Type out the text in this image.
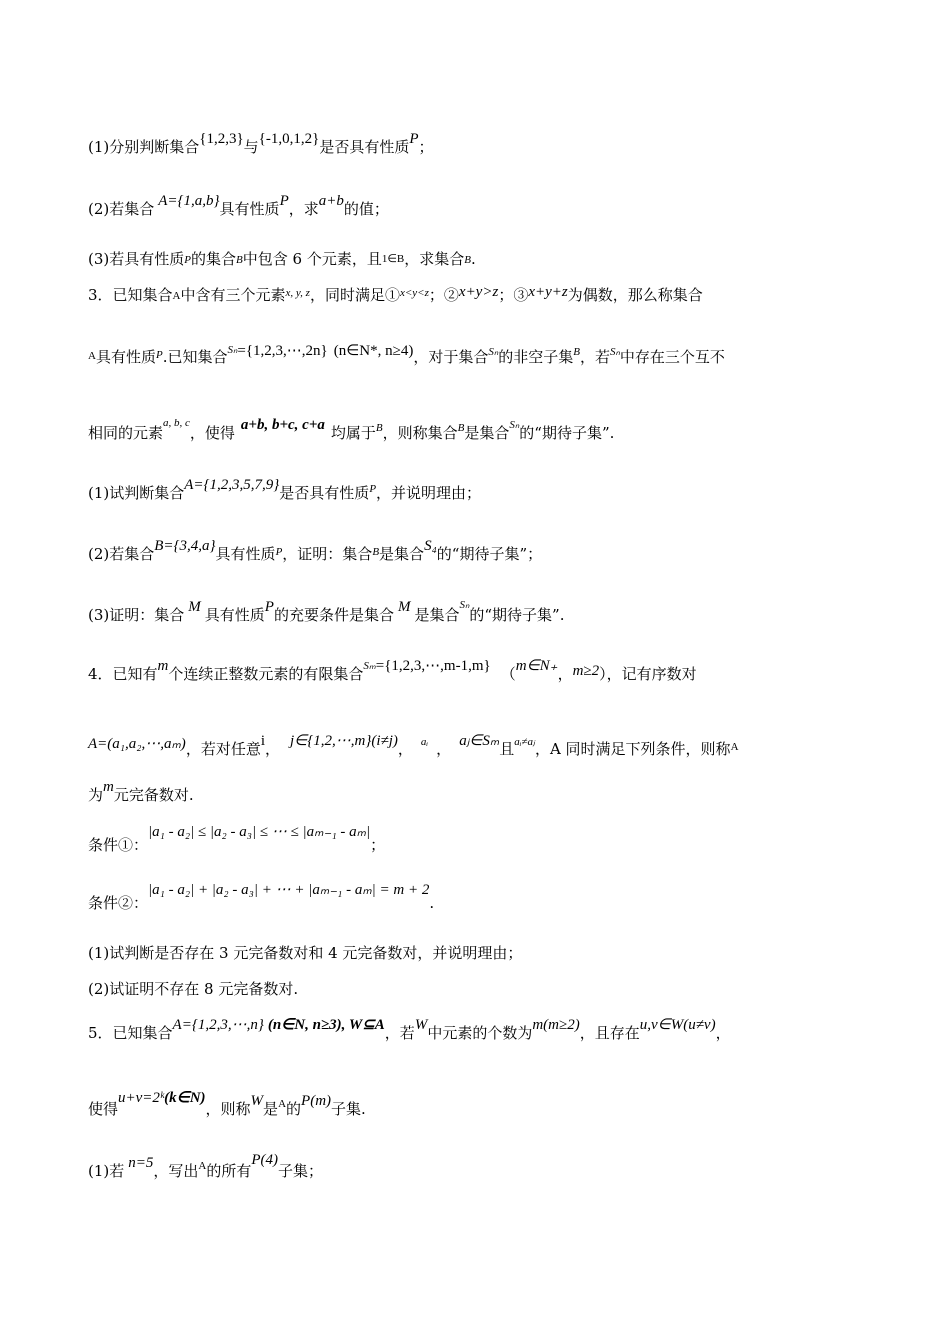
(1)分别判断集合{1,2,3}与{-1,0,1,2}是否具有性质P；
(2)若集合 A={1,a,b}具有性质P，求a+b的值；
(3)若具有性质P的集合B中包含 6 个元素，且1∈B，求集合B.
3．已知集合A中含有三个元素$^{x, y, z}$，同时满足①$^{x<y<z}$；②x+y>z；③x+y+z为偶数，那么称集合
$^A$具有性质$^P$.已知集合$^{S_n}$={1,2,3,⋯,2n} (n∈N*, n≥4)，对于集合$^{S_n}$的非空子集$^B$，若$^{S_n}$中存在三个互不
相同的元素$^{a, b, c}$，使得 a+b, b+c, c+a 均属于$^B$，则称集合$^B$是集合$^{S_n}$的“期待子集”.
(1)试判断集合A={1,2,3,5,7,9}是否具有性质$^P$，并说明理由；
(2)若集合B={3,4,a}具有性质$^P$，证明：集合$^B$是集合S₄的“期待子集”；
(3)证明：集合 M 具有性质P的充要条件是集合 M 是集合$^{S_n}$的“期待子集”.
4．已知有m个连续正整数元素的有限集合$^{S_m}$={1,2,3,⋯,m-1,m} （m∈N₊，m≥2），记有序数对
A=(a₁,a₂,⋯,aₘ)，若对任意i， j∈{1,2,⋯,m}(i≠j)， $^{aᵢ}$ ， aⱼ∈Sₘ且$^{aᵢ\ne aⱼ}$，A 同时满足下列条件，则称$^A$
为m元完备数对.
条件①：|a₁ - a₂| ≤ |a₂ - a₃| ≤ ⋯ ≤ |aₘ₋₁ - aₘ|；
条件②：|a₁ - a₂| + |a₂ - a₃| + ⋯ + |aₘ₋₁ - aₘ| = m + 2.
(1)试判断是否存在 3 元完备数对和 4 元完备数对，并说明理由；
(2)试证明不存在 8 元完备数对.
5．已知集合A={1,2,3,⋯,n} (n∈N, n≥3), W⊆A，若W中元素的个数为m(m≥2)，且存在u,v∈W(u≠v)，
使得u+v=2ᵏ(k∈N)，则称W是$^A$的P(m)子集.
(1)若 n=5，写出$^A$的所有P(4)子集；
